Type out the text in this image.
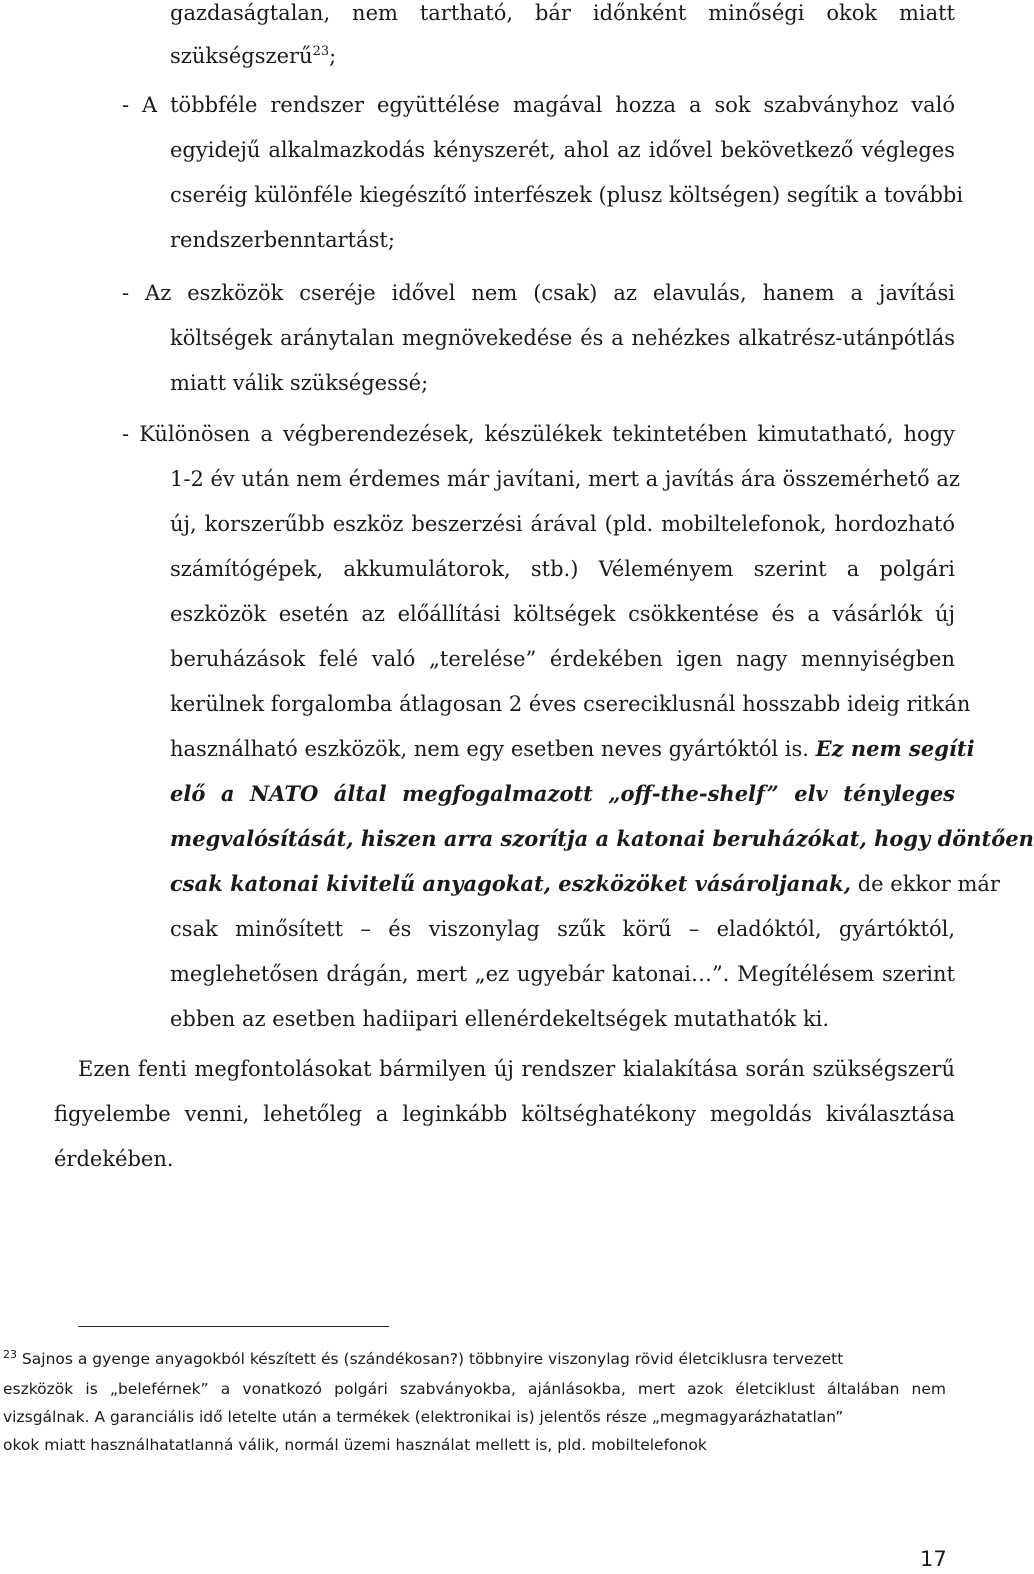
gazdaságtalan, nem tartható, bár időnként minőségi okok miatt
szükségszerű$^{23}$;
- A többféle rendszer együttélése magával hozza a sok szabványhoz való
egyidejű alkalmazkodás kényszerét, ahol az idővel bekövetkező végleges
cseréig különféle kiegészítő interfészek (plusz költségen) segítik a további
rendszerbenntartást;
- Az eszközök cseréje idővel nem (csak) az elavulás, hanem a javítási
költségek aránytalan megnövekedése és a nehézkes alkatrész-utánpótlás
miatt válik szükségessé;
- Különösen a végberendezések, készülékek tekintetében kimutatható, hogy
1-2 év után nem érdemes már javítani, mert a javítás ára összemérhető az
új, korszerűbb eszköz beszerzési árával (pld. mobiltelefonok, hordozható
számítógépek, akkumulátorok, stb.) Véleményem szerint a polgári
eszközök esetén az előállítási költségek csökkentése és a vásárlók új
beruházások felé való „terelése” érdekében igen nagy mennyiségben
kerülnek forgalomba átlagosan 2 éves csereciklusnál hosszabb ideig ritkán
használható eszközök, nem egy esetben neves gyártóktól is. Ez nem segíti
elő a NATO által megfogalmazott „off-the-shelf” elv tényleges
megvalósítását, hiszen arra szorítja a katonai beruházókat, hogy döntően
csak katonai kivitelű anyagokat, eszközöket vásároljanak, de ekkor már
csak minősített – és viszonylag szűk körű – eladóktól, gyártóktól,
meglehetősen drágán, mert „ez ugyebár katonai…”. Megítélésem szerint
ebben az esetben hadiipari ellenérdekeltségek mutathatók ki.
Ezen fenti megfontolásokat bármilyen új rendszer kialakítása során szükségszerű
figyelembe venni, lehetőleg a leginkább költséghatékony megoldás kiválasztása
érdekében.
$^{23}$ Sajnos a gyenge anyagokból készített és (szándékosan?) többnyire viszonylag rövid életciklusra tervezett
eszközök is „beleférnek” a vonatkozó polgári szabványokba, ajánlásokba, mert azok életciklust általában nem
vizsgálnak. A garanciális idő letelte után a termékek (elektronikai is) jelentős része „megmagyarázhatatlan”
okok miatt használhatatlanná válik, normál üzemi használat mellett is, pld. mobiltelefonok
17
